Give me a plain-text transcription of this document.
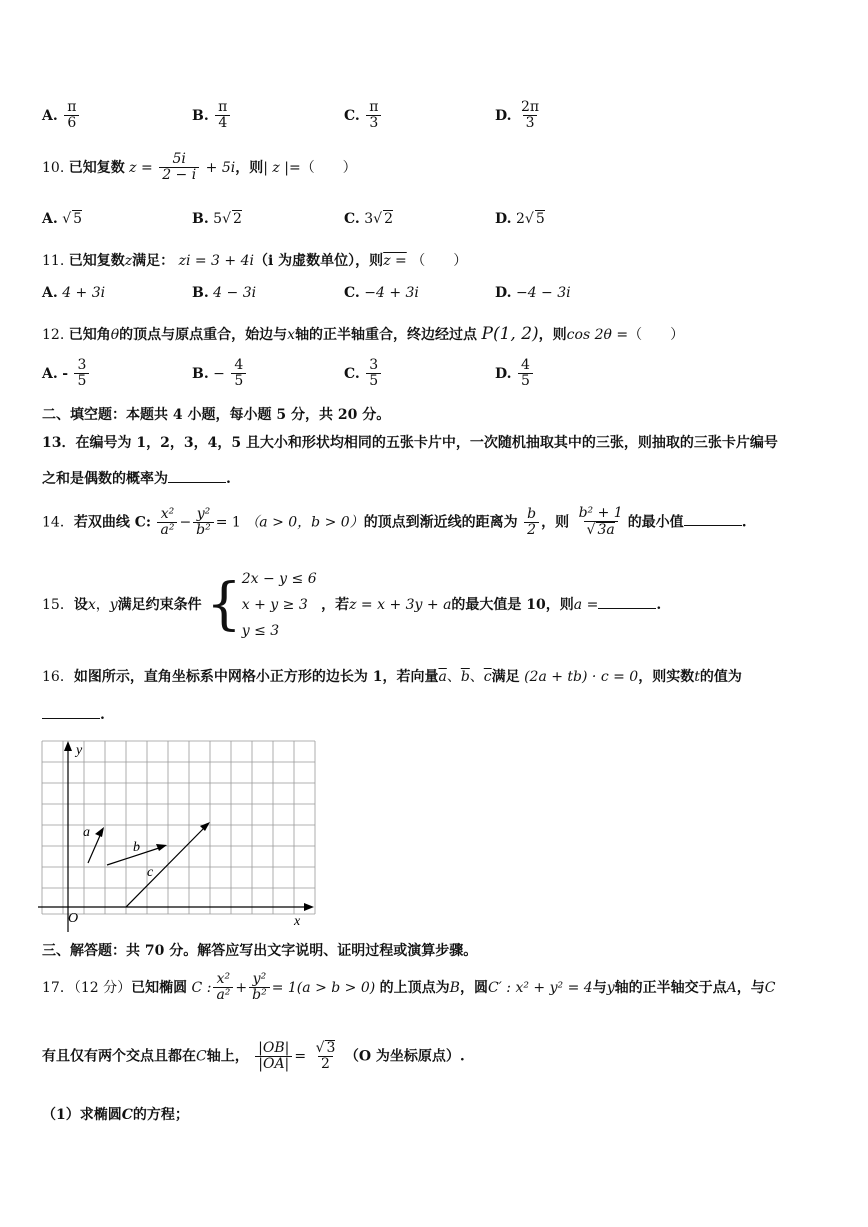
A. $\frac{\pi}{6}$	B. $\frac{\pi}{4}$	C. $\frac{\pi}{3}$	D. $\frac{2\pi}{3}$
10. 已知复数 $z = \frac{5i}{2 - i} + 5i$，则| z |=（　　）
A. √ 5	B. 5√ 2	C. 3√ 2	D. 2√ 5
11. 已知复数z满足： zi = 3 + 4i（i 为虚数单位），则z = （　　）
A. 4 + 3i	B. 4 − 3i	C. −4 + 3i	D. −4 − 3i
12. 已知角θ的顶点与原点重合，始边与x轴的正半轴重合，终边经过点 P(1, 2)，则cos 2θ =（　　）
A. - $\frac{3}{5}$	B. − $\frac{4}{5}$	C. $\frac{3}{5}$	D. $\frac{4}{5}$
二、填空题：本题共 4 小题，每小题 5 分，共 20 分。
13．在编号为 1，2，3，4，5 且大小和形状均相同的五张卡片中，一次随机抽取其中的三张，则抽取的三张卡片编号
之和是偶数的概率为	.
14．若双曲线 C: $\frac{\text{x²}}{\text{a²}} - \frac{\text{y²}}{\text{b²}} = 1$ （a > 0，b > 0）的顶点到渐近线的距离为 $\frac{b}{2}$ ，则 $\frac{\text{b² + 1}}{√ 3a}$ 的最小值	.
15．设x，y满足约束条件 { 2x − y ≤ 6
x + y ≥ 3
y ≤ 3
，若z = x + 3y + a的最大值是 10，则a =	.
16．如图所示，直角坐标系中网格小正方形的边长为 1，若向量$\overline{a}$、$\overline{b}$、$\overline{c}$满足 (2a + tb) · c = 0，则实数t的值为
.
y
x
O
a
b
c
三、解答题：共 70 分。解答应写出文字说明、证明过程或演算步骤。
17．（12 分）已知椭圆 C : $\frac{\text{x²}}{\text{a²}} + \frac{\text{y²}}{\text{b²}} = 1(a > b > 0)$ 的上顶点为B，圆C′ : x² + y² = 4与y轴的正半轴交于点A，与C
有且仅有两个交点且都在C轴上， $\frac{|OB|}{|OA|} = \frac{√ 3}{2} (O$ 为坐标原点）.
（1）求椭圆C的方程；
